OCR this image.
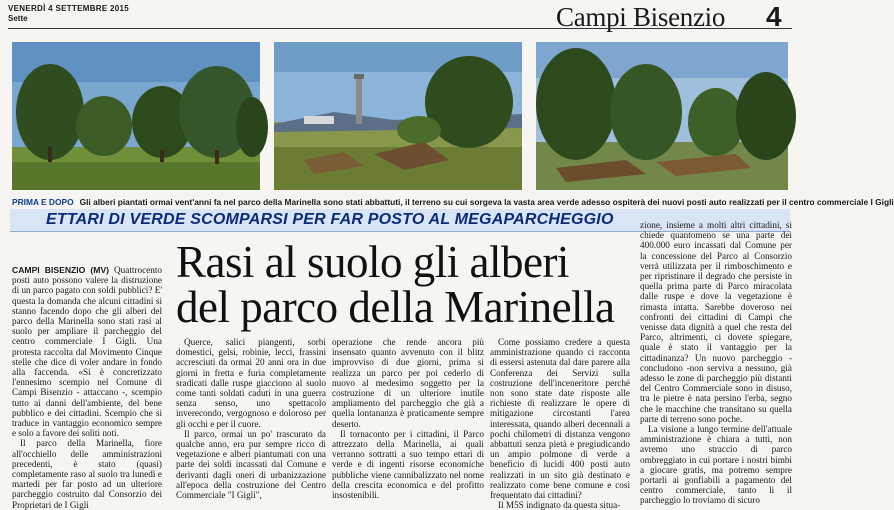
VENERDÌ 4 SETTEMBRE 2015
Sette	Campi Bisenzio 4
PRIMA E DOPO Gli alberi piantati ormai vent'anni fa nel parco della Marinella sono stati abbattuti, il terreno su cui sorgeva la vasta area verde adesso ospiterà dei nuovi posti auto realizzati per il centro commerciale I Gigli
ETTARI DI VERDE SCOMPARSI PER FAR POSTO AL MEGAPARCHEGGIO
Rasi al suolo gli alberi
del parco della Marinella

CAMPI BISENZIO (MV) Quattrocento posti auto possono valere la distruzione di un parco pagato con soldi pubblici? E' questa la domanda che alcuni cittadini si stanno facendo dopo che gli alberi del parco della Marinella sono stati rasi al suolo per ampliare il parcheggio del centro commerciale I Gigli. Una protesta raccolta dal Movimento Cinque stelle che dice di voler andare in fondo alla faccenda. «Si è concretizzato l'ennesimo scempio nel Comune di Campi Bisenzio - attaccano -, scempio tutto ai danni dell'ambiente, del bene pubblico e dei cittadini. Scempio che si traduce in vantaggio economico sempre e solo a favore dei soliti noti.

Il parco della Marinella, fiore all'occhiello delle amministrazioni precedenti, è stato (quasi) completamente raso al suolo tra lunedì e martedì per far posto ad un ulteriore parcheggio costruito dal Consorzio dei Proprietari de I Gigli

Querce, salici piangenti, sorbi domestici, gelsi, robinie, lecci, frassini accresciuti da ormai 20 anni ora in due giorni in fretta e furia completamente sradicati dalle ruspe giacciono al suolo come tanti soldati caduti in una guerra senza senso, uno spettacolo inverecondo, vergognoso e doloroso per gli occhi e per il cuore.

Il parco, ormai un po' trascurato da qualche anno, era pur sempre ricco di vegetazione e alberi piantumati con una parte dei soldi incassati dal Comune e derivanti dagli oneri di urbanizzazione all'epoca della costruzione del Centro Commerciale "I Gigli",

operazione che rende ancora più insensato quanto avvenuto con il blitz improvviso di due giorni, prima si realizza un parco per poi cederlo di nuovo al medesimo soggetto per la costruzione di un ulteriore inutile ampliamento del parcheggio che già a quella lontananza è praticamente sempre deserto.

Il tornaconto per i cittadini, il Parco attrezzato della Marinella, ai quali verranno sottratti a suo tempo ettari di verde e di ingenti risorse economiche pubbliche viene cannibalizzato nel nome della crescita economica e del profitto insostenibili.

Come possiamo credere a questa amministrazione quando ci racconta di essersi astenuta dal dare parere alla Conferenza dei Servizi sulla costruzione dell'inceneritore perché non sono state date risposte alle richieste di realizzare le opere di mitigazione circostanti l'area interessata, quando alberi decennali a pochi chilometri di distanza vengono abbattuti senza pietà e pregiudicando un ampio polmone di verde a beneficio di lucidi 400 posti auto realizzati in un sito già destinato e realizzato come bene comune e così frequentato dai cittadini?

Il M5S indignato da questa situa-

zione, insieme a molti altri cittadini, si chiede quantomeno se una parte dei 400.000 euro incassati dal Comune per la concessione del Parco al Consorzio verrà utilizzata per il rimboschimento e per ripristinare il degrado che persiste in quella prima parte di Parco miracolata dalle ruspe e dove la vegetazione è rimasta intatta. Sarebbe doveroso nei confronti dei cittadini di Campi che venisse data dignità a quel che resta del Parco, altrimenti, ci dovete spiegare, quale è stato il vantaggio per la cittadinanza? Un nuovo parcheggio - concludono -non serviva a nessuno, già adesso le zone di parcheggio più distanti del Centro Commerciale sono in disuso, tra le pietre è nata persino l'erba, segno che le macchine che transitano su quella parte di terreno sono poche.

La visione a lungo termine dell'attuale amministrazione è chiara a tutti, non avremo uno straccio di parco ombreggiato in cui portare i nostri bimbi a giocare gratis, ma potremo sempre portarli ai gonfiabili a pagamento del centro commerciale, tanto li il parcheggio lo troviamo di sicuro
